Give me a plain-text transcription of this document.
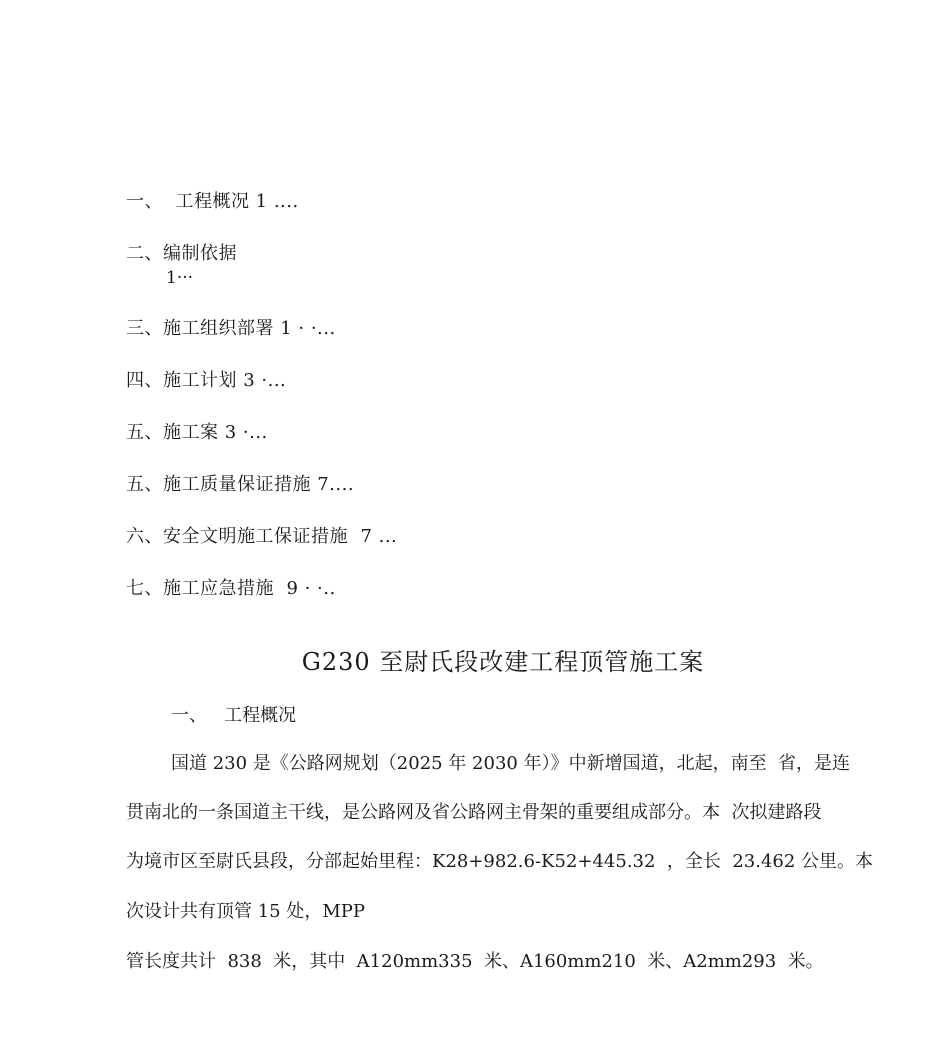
一、  工程概况 1 ....
二、编制依据
1···
三、施工组织部署 1 · ·...
四、施工计划 3 ·...
五、施工案 3 ·...
五、施工质量保证措施 7....
六、安全文明施工保证措施  7 ...
七、施工应急措施  9 · ·..
G230 至尉氏段改建工程顶管施工案
一、   工程概况
国道 230 是《公路网规划（2025 年 2030 年）》中新增国道，北起，南至  省，是连
贯南北的一条国道主干线，是公路网及省公路网主骨架的重要组成部分。本  次拟建路段
为境市区至尉氏县段，分部起始里程：K28+982.6-K52+445.32  ，全长  23.462 公里。本
次设计共有顶管 15 处，MPP
管长度共计  838  米，其中  A120mm335  米、A160mm210  米、A2mm293  米。
